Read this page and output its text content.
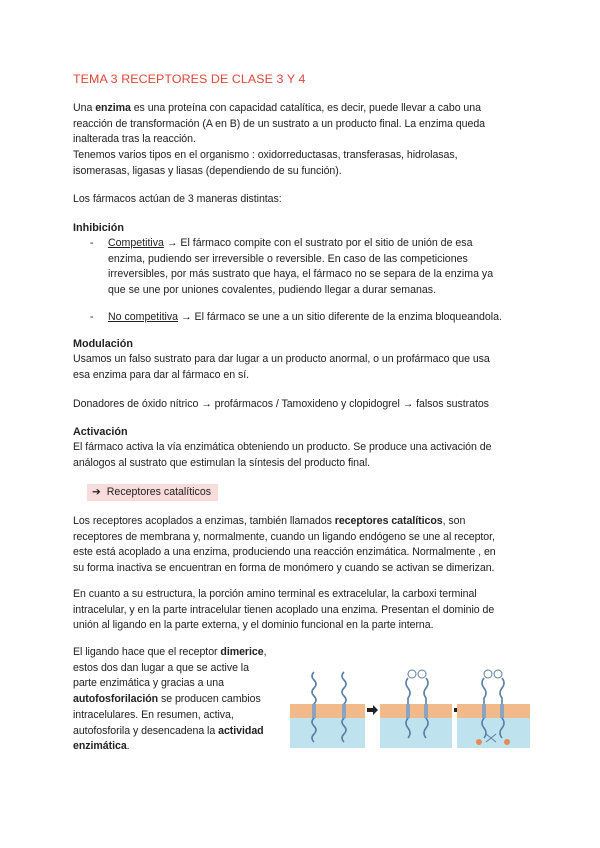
TEMA 3 RECEPTORES DE CLASE 3 Y 4
Una enzima es una proteína con capacidad catalítica, es decir, puede llevar a cabo una
reacción de transformación (A en B) de un sustrato a un producto final. La enzima queda
inalterada tras la reacción.
Tenemos varios tipos en el organismo : oxidorreductasas, transferasas, hidrolasas,
isomerasas, ligasas y liasas (dependiendo de su función).
Los fármacos actúan de 3 maneras distintas:
Inhibición
- Competitiva → El fármaco compite con el sustrato por el sitio de unión de esa
enzima, pudiendo ser irreversible o reversible. En caso de las competiciones
irreversibles, por más sustrato que haya, el fármaco no se separa de la enzima ya
que se une por uniones covalentes, pudiendo llegar a durar semanas.
- No competitiva → El fármaco se une a un sitio diferente de la enzima bloqueandola.
Modulación
Usamos un falso sustrato para dar lugar a un producto anormal, o un profármaco que usa
esa enzima para dar al fármaco en sí.
Donadores de óxido nítrico → profármacos / Tamoxideno y clopidogrel → falsos sustratos
Activación
El fármaco activa la vía enzimática obteniendo un producto. Se produce una activación de
análogos al sustrato que estimulan la síntesis del producto final.
➔ Receptores catalíticos
Los receptores acoplados a enzimas, también llamados receptores catalíticos, son
receptores de membrana y, normalmente, cuando un ligando endógeno se une al receptor,
este está acoplado a una enzima, produciendo una reacción enzimática. Normalmente , en
su forma inactiva se encuentran en forma de monómero y cuando se activan se dimerizan.
En cuanto a su estructura, la porción amino terminal es extracelular, la carboxi terminal
intracelular, y en la parte intracelular tienen acoplado una enzima. Presentan el dominio de
unión al ligando en la parte externa, y el dominio funcional en la parte interna.
El ligando hace que el receptor dimerice,
estos dos dan lugar a que se active la
parte enzimática y gracias a una
autofosforilación se producen cambios
intracelulares. En resumen, activa,
autofosforila y desencadena la actividad
enzimática.
